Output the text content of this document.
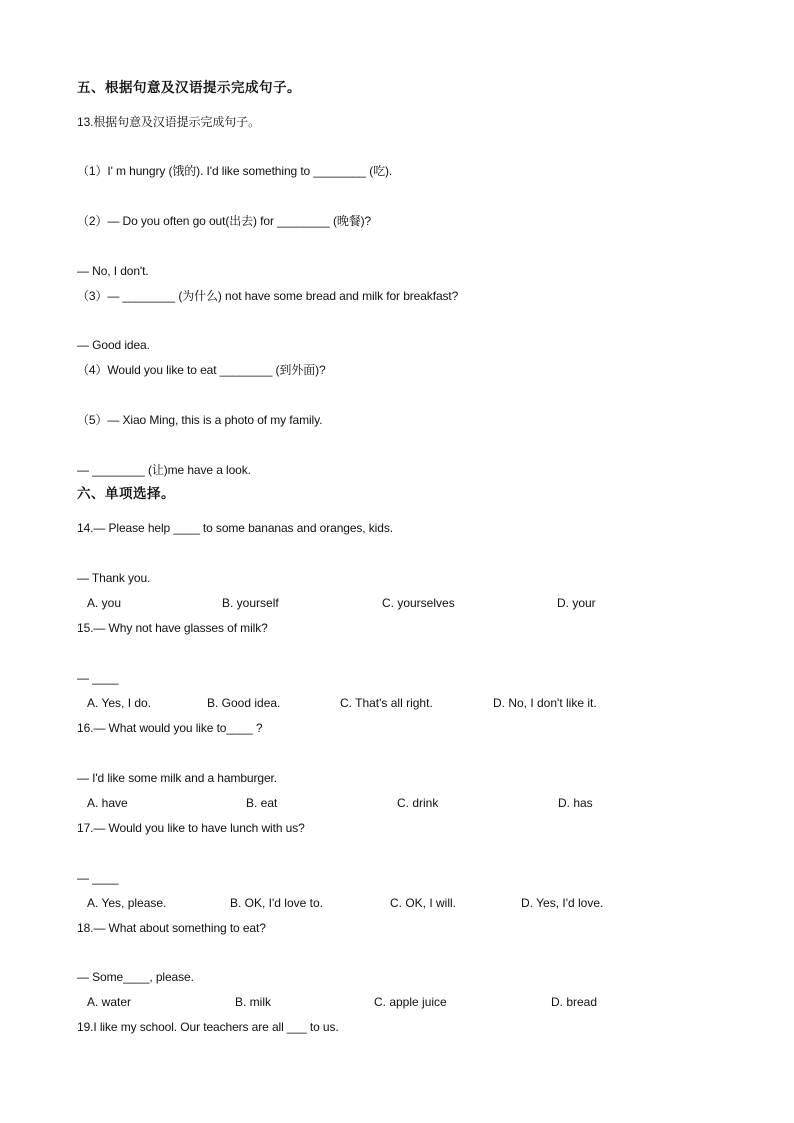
五、根据句意及汉语提示完成句子。
13.根据句意及汉语提示完成句子。
（1）I' m hungry (饿的). I'd like something to ________ (吃).
（2）— Do you often go out(出去) for ________ (晚餐)?
— No, I don't.
（3）— ________ (为什么) not have some bread and milk for breakfast?
— Good idea.
（4）Would you like to eat ________ (到外面)?
（5）— Xiao Ming, this is a photo of my family.
— ________ (让)me have a look.
六、单项选择。
14.— Please help ____ to some bananas and oranges, kids.
— Thank you.
A. you	B. yourself	C. yourselves	D. your
15.— Why not have glasses of milk?
— ____
A. Yes, I do.	B. Good idea.	C. That's all right.	D. No, I don't like it.
16.— What would you like to____ ?
— I'd like some milk and a hamburger.
A. have	B. eat	C. drink	D. has
17.— Would you like to have lunch with us?
— ____
A. Yes, please.	B. OK, I'd love to.	C. OK, I will.	D. Yes, I'd love.
18.— What about something to eat?
— Some____, please.
A. water	B. milk	C. apple juice	D. bread
19.I like my school. Our teachers are all ___ to us.
